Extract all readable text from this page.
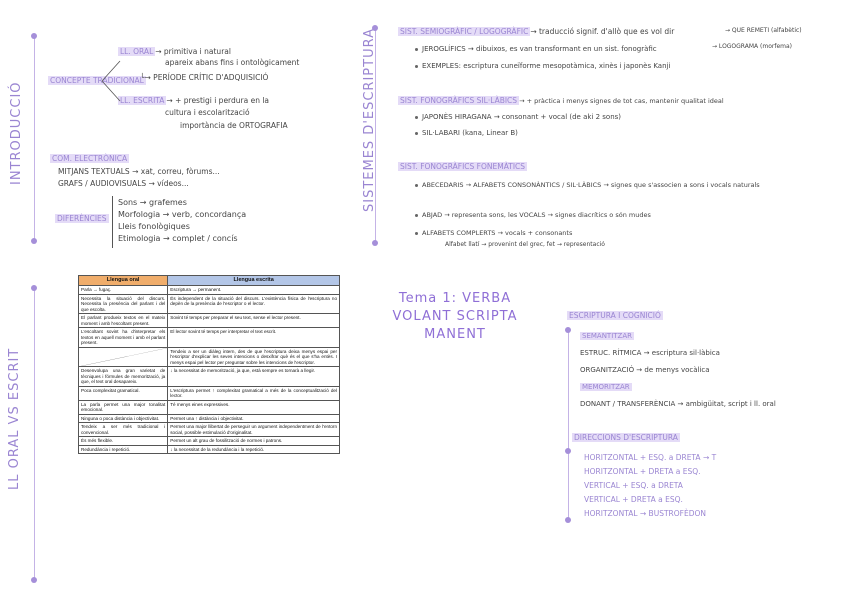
INTRODUCCIÓ
CONCEPTE TRADICIONAL
LL. ORAL → primitiva i natural
apareix abans fins i ontològicament
└→ PERÍODE CRÍTIC D'ADQUISICIÓ
LL. ESCRITA → + prestigi i perdura en la
cultura i escolarització
importància de ORTOGRAFIA
COM. ELECTRÒNICA
MITJANS TEXTUALS → xat, correu, fòrums...
GRAFS / AUDIOVISUALS → vídeos...
DIFERÈNCIES
Sons → grafemes
Morfologia → verb, concordança
Lleis fonològiques
Etimologia → complet / concís
SISTEMES D'ESCRIPTURA	SIST. SEMIOGRÀFIC / LOGOGRÀFIC → traducció signif. d'allò que es vol dir	→ QUE REMETI (alfabètic)
→ LOGOGRAMA (morfema)
JEROGLÍFICS → dibuixos, es van transformant en un sist. fonogràfic
EXEMPLES: escriptura cuneïforme mesopotàmica, xinès i japonès Kanji
SIST. FONOGRÀFICS SIL·LÀBICS → + pràctica i menys signes de tot cas, mantenir qualitat ideal
JAPONÈS HIRAGANA → consonant + vocal (de aki 2 sons)
SIL·LABARI (kana, Linear B)
SIST. FONOGRÀFICS FONEMÀTICS
ABECEDARIS → ALFABETS CONSONÀNTICS / SIL·LÀBICS → signes que s'associen a sons i vocals naturals
ABJAD → representa sons, les VOCALS → signes diacrítics o són mudes
ALFABETS COMPLERTS → vocals + consonants
Alfabet llatí → provenint del grec, fet → representació
LL ORAL VS ESCRIT
Llengua oral	Llengua escrita
Parla → fugaç.	Escriptura → permanent.
Necessita la situació del discurs. Necessita la presència del parlant i del que escolta.	És independent de la situació del discurs. L'existència física de l'escriptura no depèn de la presència de l'escriptor o el lector.
El parlant produeix textos en el mateix moment i amb l'escoltant present.	Sovint té temps per preparar el seu text, sense el lector present.
L'escoltant sovint ha d'interpretar els textos en aquell moment i amb el parlant present.	El lector sovint té temps per interpretar el text escrit.

	Tendeix a ser un diàleg intern, des de que l'escriptura deixa menys espai per l'escriptor d'explicar les seves intencions o desxifrar què és el que s'ha entès. I menys espai pel lector per preguntar sobre les intencions de l'escriptor.
Desenvolupa una gran varietat de tècniques i fórmules de memorització, ja que, el text oral desapareix.	↓ la necessitat de memorització, ja que, està sempre es tornarà a llegir.
Poca complexitat gramatical.	L'escriptura permet ↑ complexitat gramatical a més de la conceptualització del lector.
La parla permet una major tonalitat emocional.	Té menys eines expressives.
Ninguna o poca distància i objectivitat.	Permet una ↑ distància i objectivitat.
Tendeix a ser més tradicional i convencional.	Permet una major llibertat de perseguir un argument independentment de l'entorn social, possible estimulació d'originalitat.
És més flexible.	Permet un alt grau de fossilització de normes i patrons.
Redundància i repetició.	↓ la necessitat de la redundància i la repetició.
Tema 1: VERBA
VOLANT SCRIPTA
MANENT
ESCRIPTURA I COGNICIÓ
SEMANTITZAR
ESTRUC. RÍTMICA → escriptura sil·làbica
ORGANITZACIÓ → de menys vocàlica
MEMORITZAR
DONANT / TRANSFERÈNCIA → ambigüitat, script i ll. oral
DIRECCIONS D'ESCRIPTURA
HORITZONTAL + ESQ. a DRETA → T
HORITZONTAL + DRETA a ESQ.
VERTICAL + ESQ. a DRETA
VERTICAL + DRETA a ESQ.
HORITZONTAL → BUSTROFÈDON
